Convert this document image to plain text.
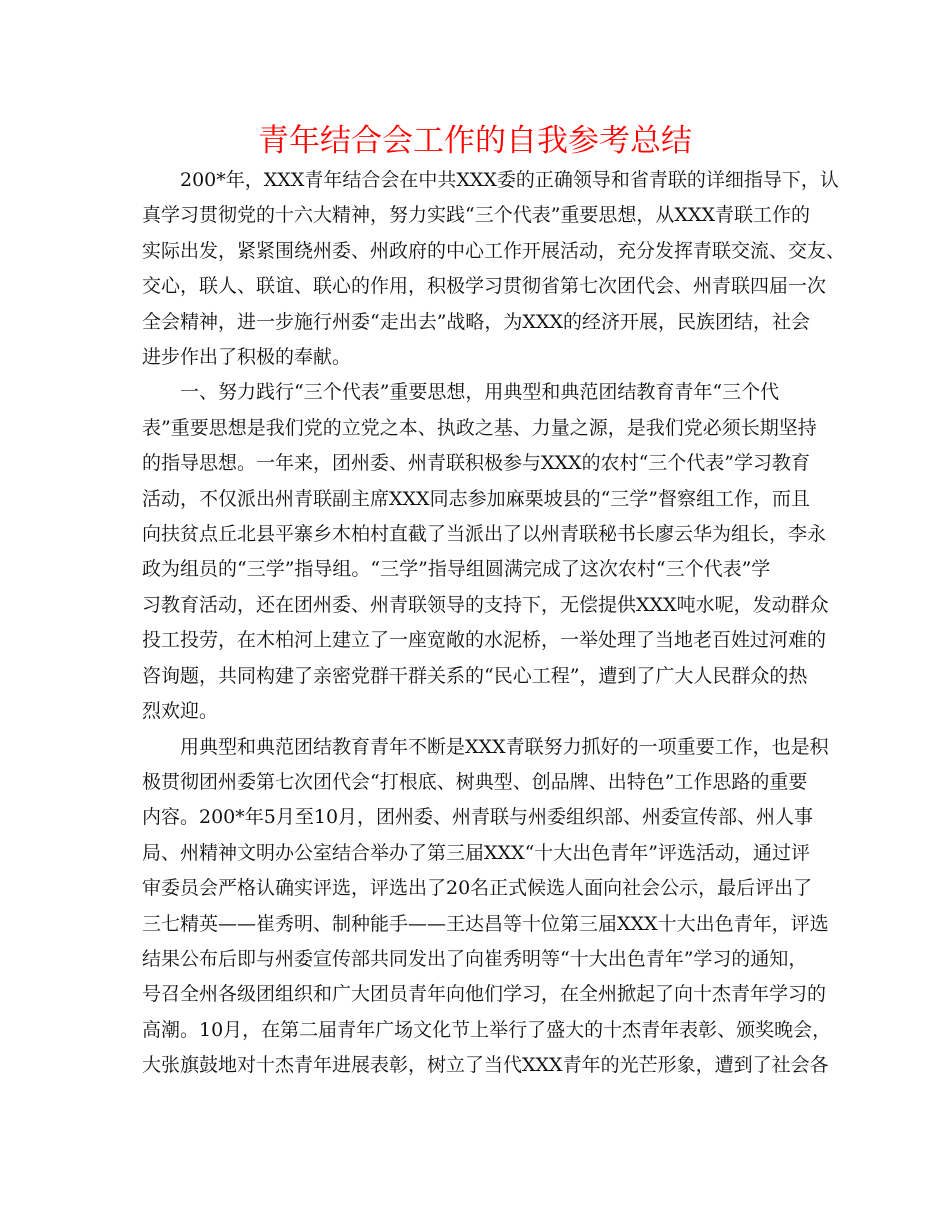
青年结合会工作的自我参考总结

200*年，XXX青年结合会在中共XXX委的正确领导和省青联的详细指导下，认
真学习贯彻党的十六大精神，努力实践“三个代表”重要思想，从XXX青联工作的
实际出发，紧紧围绕州委、州政府的中心工作开展活动，充分发挥青联交流、交友、
交心，联人、联谊、联心的作用，积极学习贯彻省第七次团代会、州青联四届一次
全会精神，进一步施行州委“走出去”战略，为XXX的经济开展，民族团结，社会
进步作出了积极的奉献。

一、努力践行“三个代表”重要思想，用典型和典范团结教育青年“三个代
表”重要思想是我们党的立党之本、执政之基、力量之源，是我们党必须长期坚持
的指导思想。一年来，团州委、州青联积极参与XXX的农村“三个代表”学习教育
活动，不仅派出州青联副主席XXX同志参加麻栗坡县的“三学”督察组工作，而且
向扶贫点丘北县平寨乡木柏村直截了当派出了以州青联秘书长廖云华为组长，李永
政为组员的“三学”指导组。“三学”指导组圆满完成了这次农村“三个代表”学
习教育活动，还在团州委、州青联领导的支持下，无偿提供XXX吨水呢，发动群众
投工投劳，在木柏河上建立了一座宽敞的水泥桥，一举处理了当地老百姓过河难的
咨询题，共同构建了亲密党群干群关系的“民心工程”，遭到了广大人民群众的热
烈欢迎。

用典型和典范团结教育青年不断是XXX青联努力抓好的一项重要工作，也是积
极贯彻团州委第七次团代会“打根底、树典型、创品牌、出特色”工作思路的重要
内容。200*年5月至10月，团州委、州青联与州委组织部、州委宣传部、州人事
局、州精神文明办公室结合举办了第三届XXX“十大出色青年”评选活动，通过评
审委员会严格认确实评选，评选出了20名正式候选人面向社会公示，最后评出了
三七精英——崔秀明、制种能手——王达昌等十位第三届XXX十大出色青年，评选
结果公布后即与州委宣传部共同发出了向崔秀明等“十大出色青年”学习的通知，
号召全州各级团组织和广大团员青年向他们学习，在全州掀起了向十杰青年学习的
高潮。10月，在第二届青年广场文化节上举行了盛大的十杰青年表彰、颁奖晚会，
大张旗鼓地对十杰青年进展表彰，树立了当代XXX青年的光芒形象，遭到了社会各
